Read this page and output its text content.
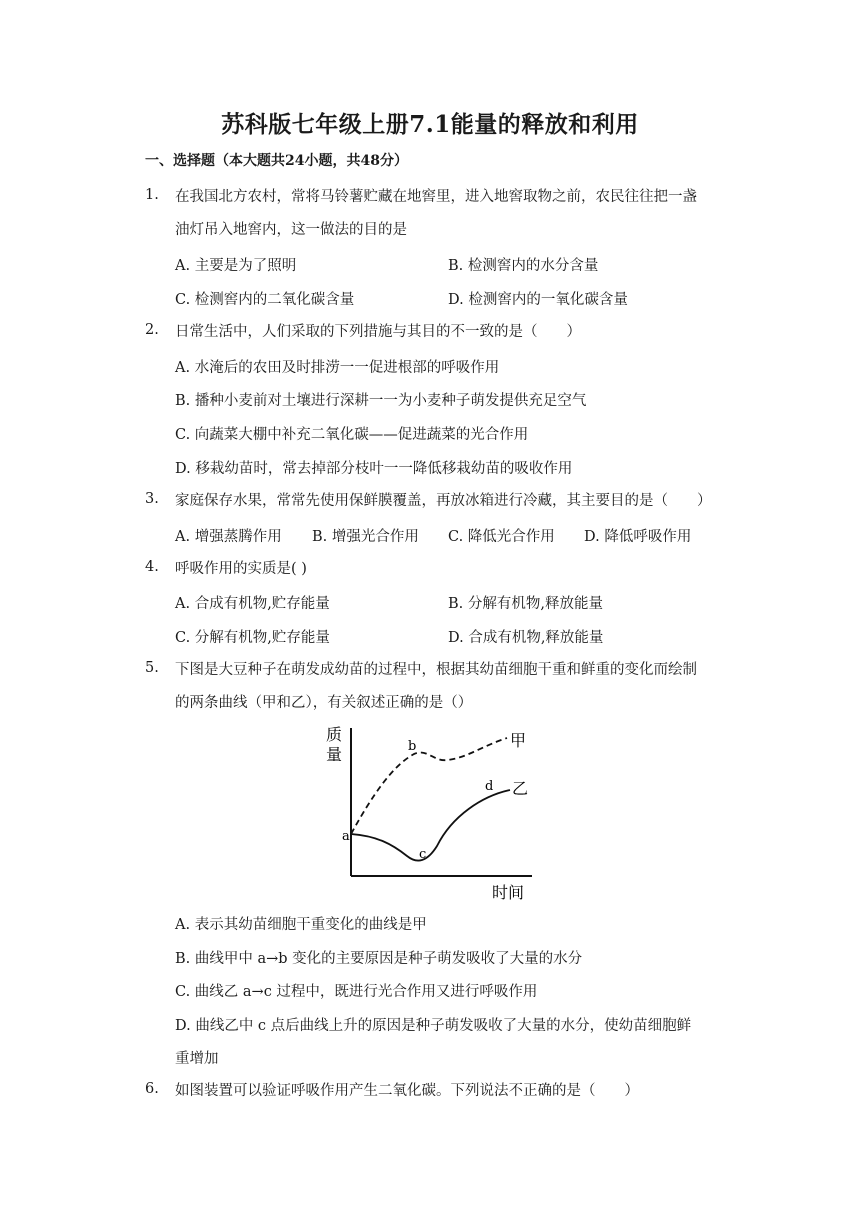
苏科版七年级上册7.1能量的释放和利用
一、选择题（本大题共24小题，共48分）
1. 在我国北方农村，常将马铃薯贮藏在地窖里，进入地窖取物之前，农民往往把一盏
油灯吊入地窖内，这一做法的目的是
A. 主要是为了照明	B. 检测窖内的水分含量
C. 检测窖内的二氧化碳含量	D. 检测窖内的一氧化碳含量
2. 日常生活中，人们采取的下列措施与其目的不一致的是（　　）
A. 水淹后的农田及时排涝一一促进根部的呼吸作用
B. 播种小麦前对土壤进行深耕一一为小麦种子萌发提供充足空气
C. 向蔬菜大棚中补充二氧化碳——促进蔬菜的光合作用
D. 移栽幼苗时，常去掉部分枝叶一一降低移栽幼苗的吸收作用
3. 家庭保存水果，常常先使用保鲜膜覆盖，再放冰箱进行冷藏，其主要目的是（　　）
A. 增强蒸腾作用 B. 增强光合作用 C. 降低光合作用 D. 降低呼吸作用
4. 呼吸作用的实质是( )
A. 合成有机物,贮存能量	B. 分解有机物,释放能量
C. 分解有机物,贮存能量	D. 合成有机物,释放能量
5. 下图是大豆种子在萌发成幼苗的过程中，根据其幼苗细胞干重和鲜重的变化而绘制
的两条曲线（甲和乙），有关叙述正确的是（）
质
量
时间
甲
乙
a
b
c
d
A. 表示其幼苗细胞干重变化的曲线是甲
B. 曲线甲中 a→b 变化的主要原因是种子萌发吸收了大量的水分
C. 曲线乙 a→c 过程中，既进行光合作用又进行呼吸作用
D. 曲线乙中 c 点后曲线上升的原因是种子萌发吸收了大量的水分，使幼苗细胞鲜
重增加
6. 如图装置可以验证呼吸作用产生二氧化碳。下列说法不正确的是（　　）
